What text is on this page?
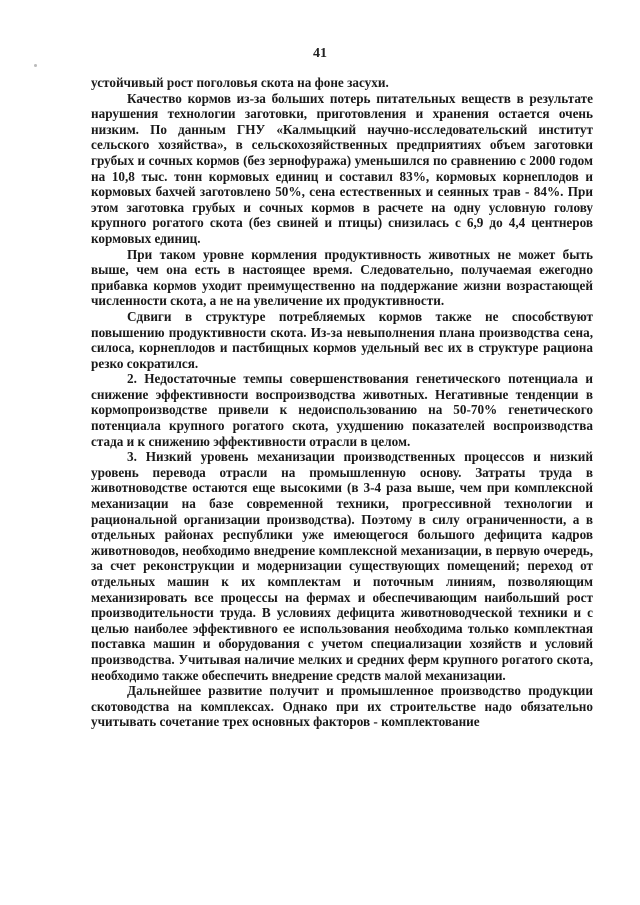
41

устойчивый рост поголовья скота на фоне засухи.

Качество кормов из-за больших потерь питательных веществ в результате нарушения технологии заготовки, приготовления и хранения остается очень низким. По данным ГНУ «Калмыцкий научно-исследовательский институт сельского хозяйства», в сельскохозяйственных предприятиях объем заготовки грубых и сочных кормов (без зернофуража) уменьшился по сравнению с 2000 годом на 10,8 тыс. тонн кормовых единиц и составил 83%, кормовых корнеплодов и кормовых бахчей заготовлено 50%, сена естественных и сеянных трав - 84%. При этом заготовка грубых и сочных кормов в расчете на одну условную голову крупного рогатого скота (без свиней и птицы) снизилась с 6,9 до 4,4 центнеров кормовых единиц.

При таком уровне кормления продуктивность животных не может быть выше, чем она есть в настоящее время. Следовательно, получаемая ежегодно прибавка кормов уходит преимущественно на поддержание жизни возрастающей численности скота, а не на увеличение их продуктивности.

Сдвиги в структуре потребляемых кормов также не способствуют повышению продуктивности скота. Из-за невыполнения плана производства сена, силоса, корнеплодов и пастбищных кормов удельный вес их в структуре рациона резко сократился.

2. Недостаточные темпы совершенствования генетического потенциала и снижение эффективности воспроизводства животных. Негативные тенденции в кормопроизводстве привели к недоиспользованию на 50-70% генетического потенциала крупного рогатого скота, ухудшению показателей воспроизводства стада и к снижению эффективности отрасли в целом.

3. Низкий уровень механизации производственных процессов и низкий уровень перевода отрасли на промышленную основу. Затраты труда в животноводстве остаются еще высокими (в 3-4 раза выше, чем при комплексной механизации на базе современной техники, прогрессивной технологии и рациональной организации производства). Поэтому в силу ограниченности, а в отдельных районах республики уже имеющегося большого дефицита кадров животноводов, необходимо внедрение комплексной механизации, в первую очередь, за счет реконструкции и модернизации существующих помещений; переход от отдельных машин к их комплектам и поточным линиям, позволяющим механизировать все процессы на фермах и обеспечивающим наибольший рост производительности труда. В условиях дефицита животноводческой техники и с целью наиболее эффективного ее использования необходима только комплектная поставка машин и оборудования с учетом специализации хозяйств и условий производства. Учитывая наличие мелких и средних ферм крупного рогатого скота, необходимо также обеспечить внедрение средств малой механизации.

Дальнейшее развитие получит и промышленное производство продукции скотоводства на комплексах. Однако при их строительстве надо обязательно учитывать сочетание трех основных факторов - комплектование
